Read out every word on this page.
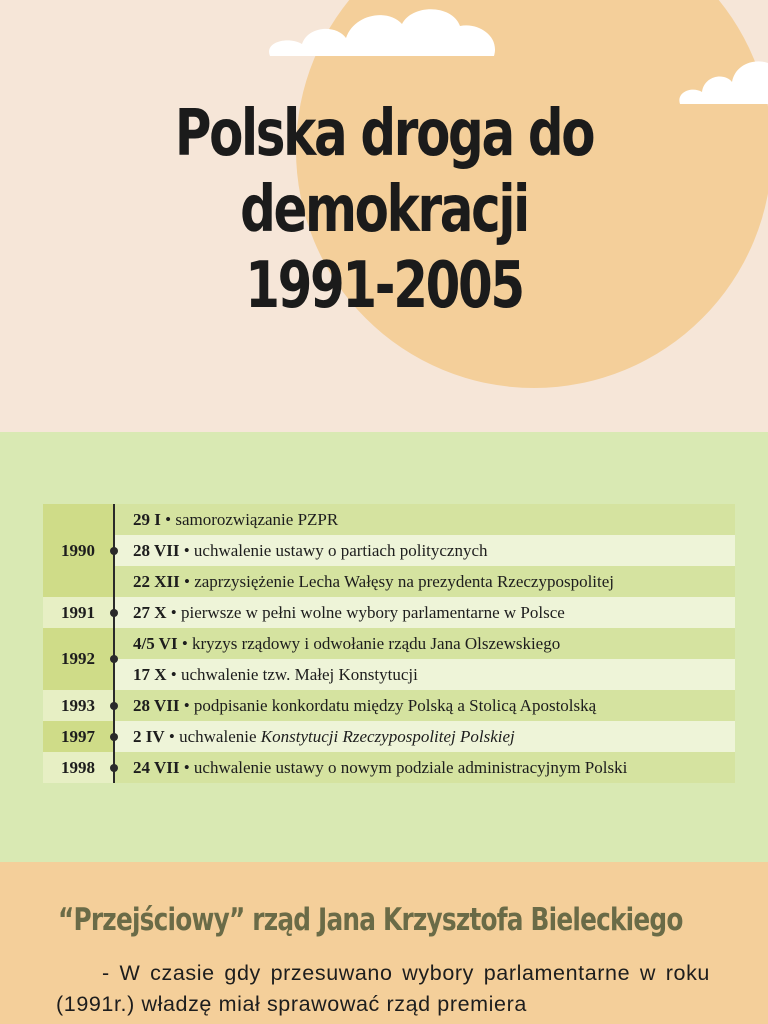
Polska droga do
demokracji
1991-2005
1990	29 I • samorozwiązanie PZPR
	28 VII • uchwalenie ustawy o partiach politycznych
	22 XII • zaprzysiężenie Lecha Wałęsy na prezydenta Rzeczypospolitej
1991	27 X • pierwsze w pełni wolne wybory parlamentarne w Polsce
1992	4/5 VI • kryzys rządowy i odwołanie rządu Jana Olszewskiego
	17 X • uchwalenie tzw. Małej Konstytucji
1993	28 VII • podpisanie konkordatu między Polską a Stolicą Apostolską
1997	2 IV • uchwalenie Konstytucji Rzeczypospolitej Polskiej
1998	24 VII • uchwalenie ustawy o nowym podziale administracyjnym Polski
“Przejściowy” rząd Jana Krzysztofa Bieleckiego

- W czasie gdy przesuwano wybory parlamentarne w roku (1991r.) władzę miał sprawować rząd premiera
